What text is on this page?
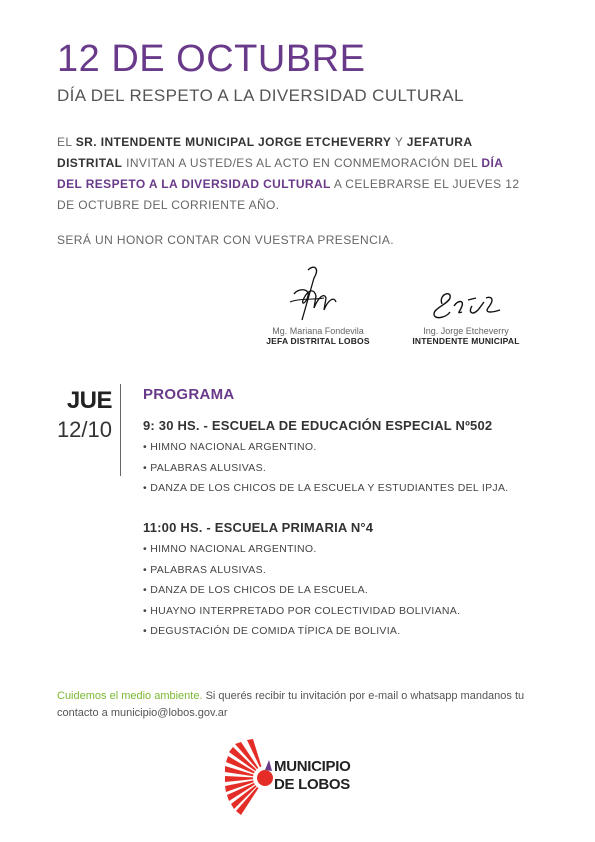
12 DE OCTUBRE
DÍA DEL RESPETO A LA DIVERSIDAD CULTURAL
EL SR. INTENDENTE MUNICIPAL JORGE ETCHEVERRY Y JEFATURA DISTRITAL INVITAN A USTED/ES AL ACTO EN CONMEMORACIÓN DEL DÍA DEL RESPETO A LA DIVERSIDAD CULTURAL A CELEBRARSE EL JUEVES 12 DE OCTUBRE DEL CORRIENTE AÑO.
SERÁ UN HONOR CONTAR CON VUESTRA PRESENCIA.
Mg. Mariana Fondevila
JEFA DISTRITAL LOBOS
Ing. Jorge Etcheverry
INTENDENTE MUNICIPAL
JUE
12/10
PROGRAMA
9: 30 HS. - ESCUELA DE EDUCACIÓN ESPECIAL Nº502
• HIMNO NACIONAL ARGENTINO.
• PALABRAS ALUSIVAS.
• DANZA DE LOS CHICOS DE LA ESCUELA Y ESTUDIANTES DEL IPJA.
11:00 HS. - ESCUELA PRIMARIA N°4
• HIMNO NACIONAL ARGENTINO.
• PALABRAS ALUSIVAS.
• DANZA DE LOS CHICOS DE LA ESCUELA.
• HUAYNO INTERPRETADO POR COLECTIVIDAD BOLIVIANA.
• DEGUSTACIÓN DE COMIDA TÍPICA DE BOLIVIA.
Cuidemos el medio ambiente. Si querés recibir tu invitación por e-mail o whatsapp mandanos tu contacto a municipio@lobos.gov.ar
MUNICIPIO
DE LOBOS
